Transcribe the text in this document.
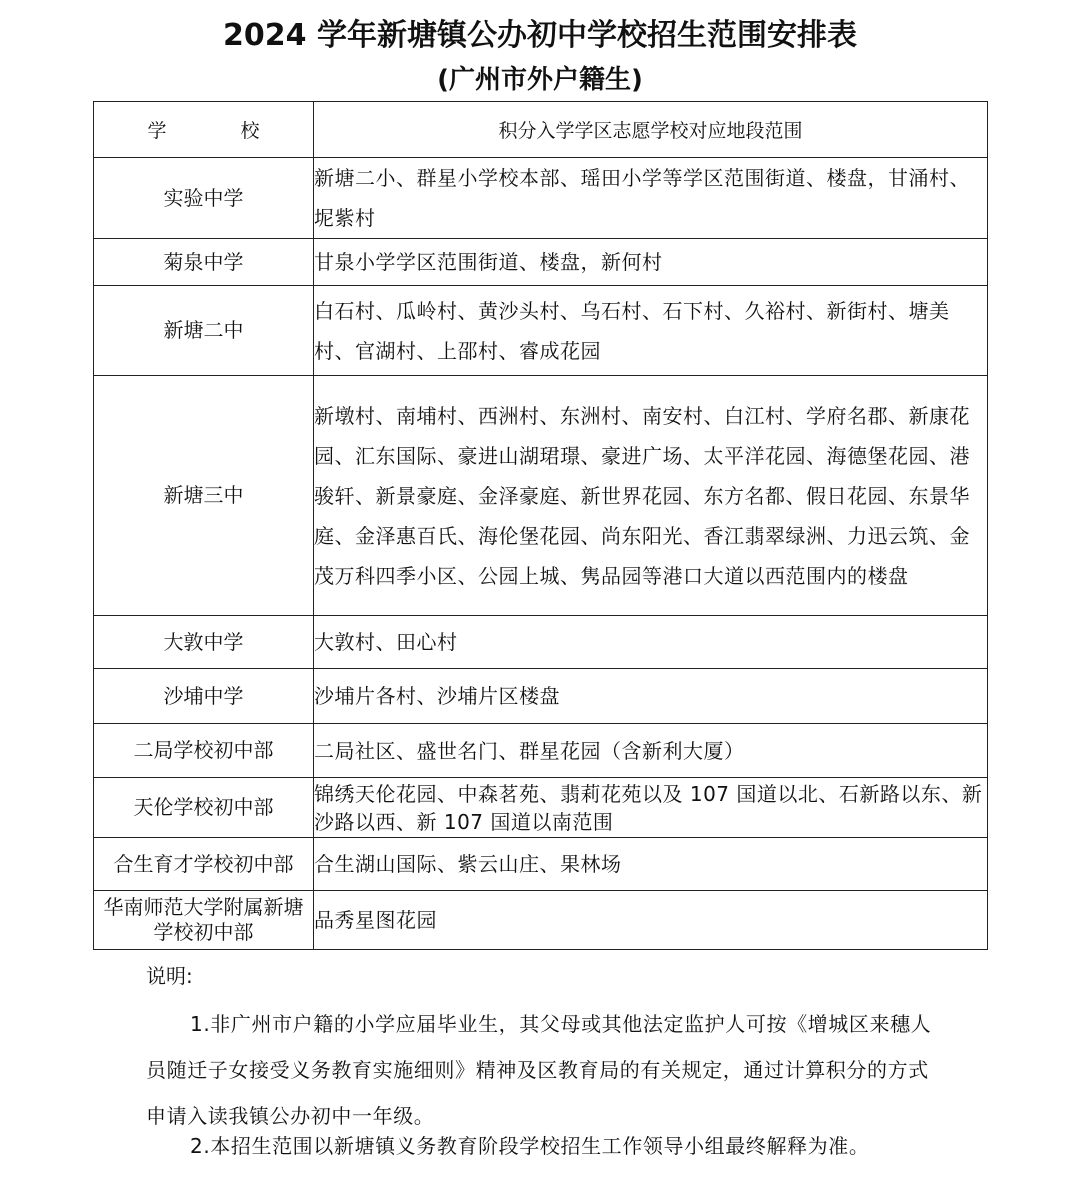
2024 学年新塘镇公办初中学校招生范围安排表
(广州市外户籍生)
学 校	积分入学学区志愿学校对应地段范围
实验中学	新塘二小、群星小学校本部、瑶田小学等学区范围街道、楼盘，甘涌村、坭紫村
菊泉中学	甘泉小学学区范围街道、楼盘，新何村
新塘二中	白石村、瓜岭村、黄沙头村、乌石村、石下村、久裕村、新街村、塘美村、官湖村、上邵村、睿成花园
新塘三中	新墩村、南埔村、西洲村、东洲村、南安村、白江村、学府名郡、新康花园、汇东国际、豪进山湖珺璟、豪进广场、太平洋花园、海德堡花园、港骏轩、新景豪庭、金泽豪庭、新世界花园、东方名都、假日花园、东景华庭、金泽惠百氏、海伦堡花园、尚东阳光、香江翡翠绿洲、力迅云筑、金茂万科四季小区、公园上城、隽品园等港口大道以西范围内的楼盘
大敦中学	大敦村、田心村
沙埔中学	沙埔片各村、沙埔片区楼盘
二局学校初中部	二局社区、盛世名门、群星花园（含新利大厦）
天伦学校初中部	锦绣天伦花园、中森茗苑、翡莉花苑以及 107 国道以北、石新路以东、新沙路以西、新 107 国道以南范围
合生育才学校初中部	合生湖山国际、紫云山庄、果林场
华南师范大学附属新塘学校初中部	品秀星图花园
说明:
1.非广州市户籍的小学应届毕业生，其父母或其他法定监护人可按《增城区来穗人员随迁子女接受义务教育实施细则》精神及区教育局的有关规定，通过计算积分的方式申请入读我镇公办初中一年级。
2.本招生范围以新塘镇义务教育阶段学校招生工作领导小组最终解释为准。
